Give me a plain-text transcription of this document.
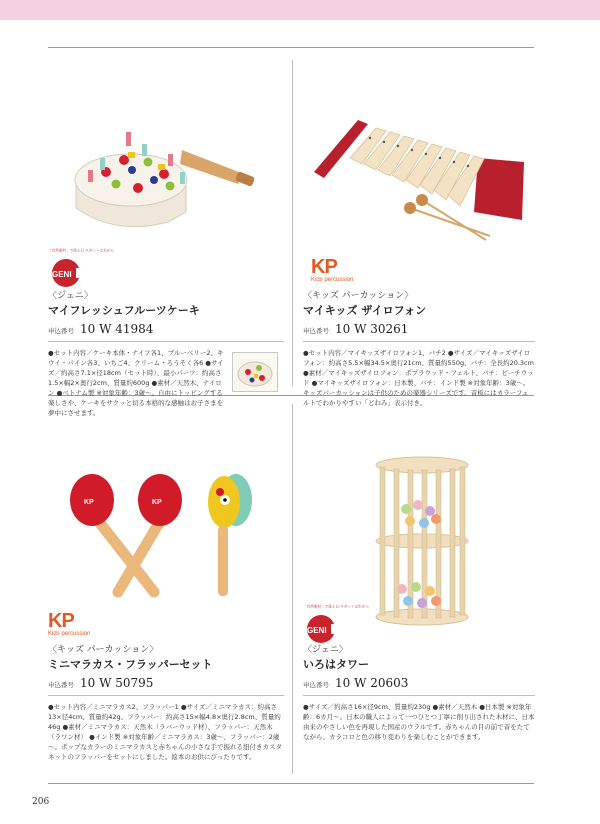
「自然素材」で遊ぶ日 スタートは木から
GENI
〈ジェニ〉
マイフレッシュフルーツケーキ
申込番号 10 W 41984
●セット内容／ケーキ本体・ナイフ各1、ブルーベリー2、キウイ・パイン各3、いちご4、クリーム・ろうそく各6 ●サイズ／約高さ7.1×径18cm（セット時）、最小パーツ：約高さ1.5×幅2×奥行2cm、質量約600g ●素材／天然木、ナイロン ●ベトナム製 ※対象年齢：3歳～。自由にトッピングする楽しさや、ケーキをサクッと切る本格的な感触はお子さまを夢中にさせます。
KP
Kids percussion
〈キッズ パーカッション〉
マイキッズ ザイロフォン
申込番号 10 W 30261
●セット内容／マイキッズザイロフォン1、バチ2 ●サイズ／マイキッズザイロフォン：約高さ5.5×幅34.5×奥行21cm、質量約550g、バチ：全長約20.3cm ●素材／マイキッズザイロフォン：ポプラウッド・フェルト、バチ：ビーチウッド ●マイキッズザイロフォン：日本製、バチ：インド製 ※対象年齢：3歳～。キッズパーカッションは子供のための楽器シリーズです。音板にはカラーフェルトでわかりやすい「どれみ」表示付き。
KP	KP
KP
Kids percussion
〈キッズ パーカッション〉
ミニマラカス・フラッパーセット
申込番号 10 W 50795
●セット内容／ミニマラカス2、フラッパー1 ●サイズ／ミニマラカス：約高さ13×径4cm、質量約42g、フラッパー：約高さ15×幅4.8×奥行2.8cm、質量約46g ●素材／ミニマラカス：天然木（ラバーウッド材）、フラッパー：天然木（ラワン材） ●インド製 ※対象年齢／ミニマラカス：3歳～、フラッパー：2歳～。ポップなカラーのミニマラカスと赤ちゃんの小さな手で振れる紐付きカスタネットのフラッパーをセットにしました。絵本のお供にぴったりです。
「自然素材」で遊ぶ日 スタートは木から
GENI
〈ジェニ〉
いろはタワー
申込番号 10 W 20603
●サイズ／約高さ16×径9cm、質量約230g ●素材／天然木 ●日本製 ※対象年齢：6カ月～。日本の職人によって一つひとつ丁寧に削り出された木材に、日本由来のやさしい色を再現した国産のウラルです。赤ちゃんの目の前で音をたてながら、カラコロと色の移り変わりを楽しむことができます。
206
